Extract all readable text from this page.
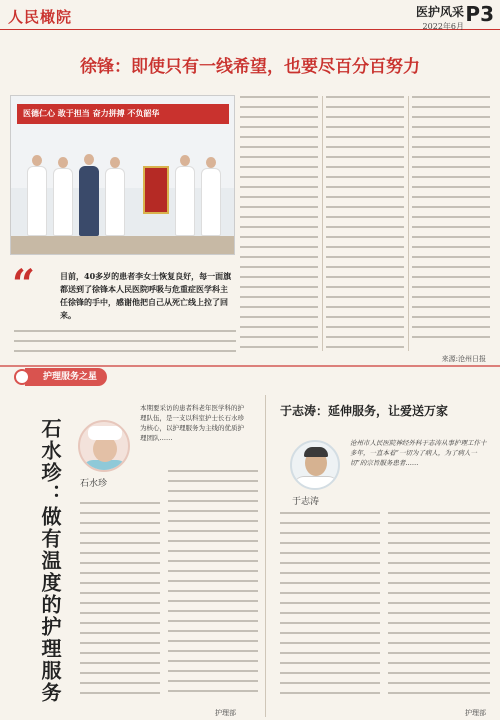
人民橄院	医护风采
2022年6月
P3
徐锋：即使只有一线希望，也要尽百分百努力
医德仁心 敢于担当 奋力拼搏 不负韶华
“	目前，40多岁的患者李女士恢复良好，每一面旗都送到了徐锋本人民医院呼吸与危重症医学科主任徐锋的手中，感谢他把自己从死亡线上拉了回来。
来源:沧州日报
护理服务之星
石水珍：做有温度的护理服务 石水珍
本期要采访的患者科老年医学科的护理队伍，是一支以科室护士长石水珍为核心，以护理服务为主线的优质护理团队……
护理部
于志涛：延伸服务，让爱送万家
于志涛
沧州市人民医院神经外科于志涛从事护理工作十多年，一直本着“一切为了病人，为了病人一切”的宗旨服务患者……
护理部
